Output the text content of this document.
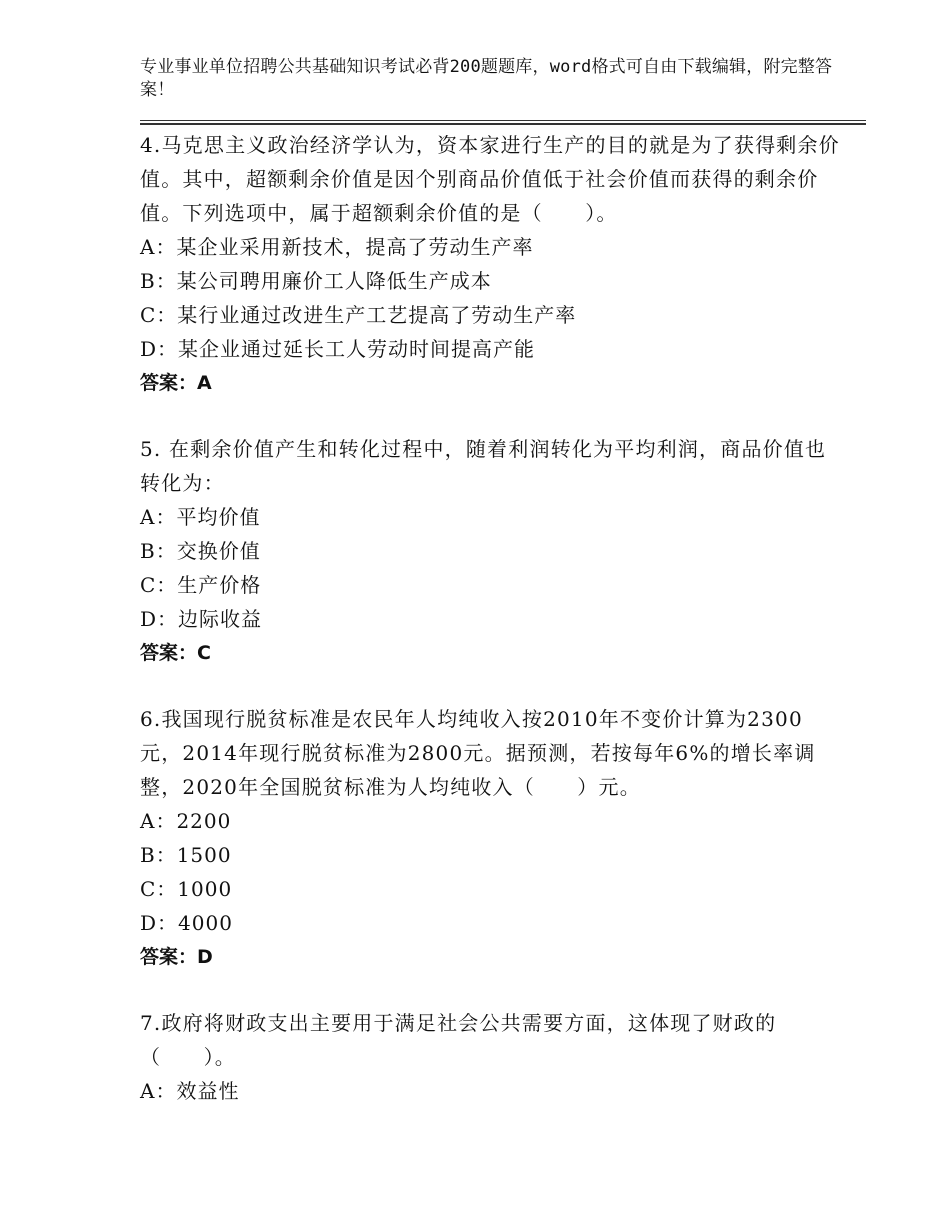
专业事业单位招聘公共基础知识考试必背200题题库，word格式可自由下载编辑，附完整答案！

4.马克思主义政治经济学认为，资本家进行生产的目的就是为了获得剩余价值。其中，超额剩余价值是因个别商品价值低于社会价值而获得的剩余价值。下列选项中，属于超额剩余价值的是（　　）。

A：某企业采用新技术，提高了劳动生产率

B：某公司聘用廉价工人降低生产成本

C：某行业通过改进生产工艺提高了劳动生产率

D：某企业通过延长工人劳动时间提高产能

答案：A

5. 在剩余价值产生和转化过程中，随着利润转化为平均利润，商品价值也转化为：

A：平均价值

B：交换价值

C：生产价格

D：边际收益

答案：C

6.我国现行脱贫标准是农民年人均纯收入按2010年不变价计算为2300元，2014年现行脱贫标准为2800元。据预测，若按每年6%的增长率调整，2020年全国脱贫标准为人均纯收入（　　）元。

A：2200

B：1500

C：1000

D：4000

答案：D

7.政府将财政支出主要用于满足社会公共需要方面，这体现了财政的（　　）。

A：效益性
